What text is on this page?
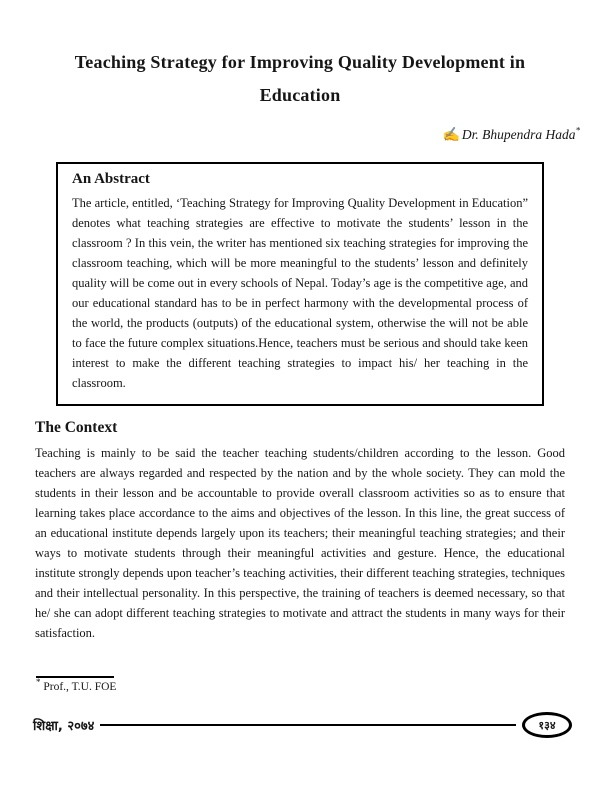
Teaching Strategy for Improving Quality Development in Education
✍ Dr. Bhupendra Hada*
An Abstract
The article, entitled, ‘Teaching Strategy for Improving Quality Development in Education” denotes what teaching strategies are effective to motivate the students’ lesson in the classroom ? In this vein, the writer has mentioned six teaching strategies for improving the classroom teaching, which will be more meaningful to the students’ lesson and definitely quality will be come out in every schools of Nepal. Today’s age is the competitive age, and our educational standard has to be in perfect harmony with the developmental process of the world, the products (outputs) of the educational system, otherwise the will not be able to face the future complex situations.Hence, teachers must be serious and should take keen interest to make the different teaching strategies to impact his/ her teaching in the classroom.
The Context
Teaching is mainly to be said the teacher teaching students/children according to the lesson. Good teachers are always regarded and respected by the nation and by the whole society. They can mold the students in their lesson and be accountable to provide overall classroom activities so as to ensure that learning takes place accordance to the aims and objectives of the lesson. In this line, the great success of an educational institute depends largely upon its teachers; their meaningful teaching strategies; and their ways to motivate students through their meaningful activities and gesture. Hence, the educational institute strongly depends upon teacher’s teaching activities, their different teaching strategies, techniques and their intellectual personality. In this perspective, the training of teachers is deemed necessary, so that he/ she can adopt different teaching strategies to motivate and attract the students in many ways for their satisfaction.
* Prof., T.U. FOE
शिक्षा, २०७४	१३४
